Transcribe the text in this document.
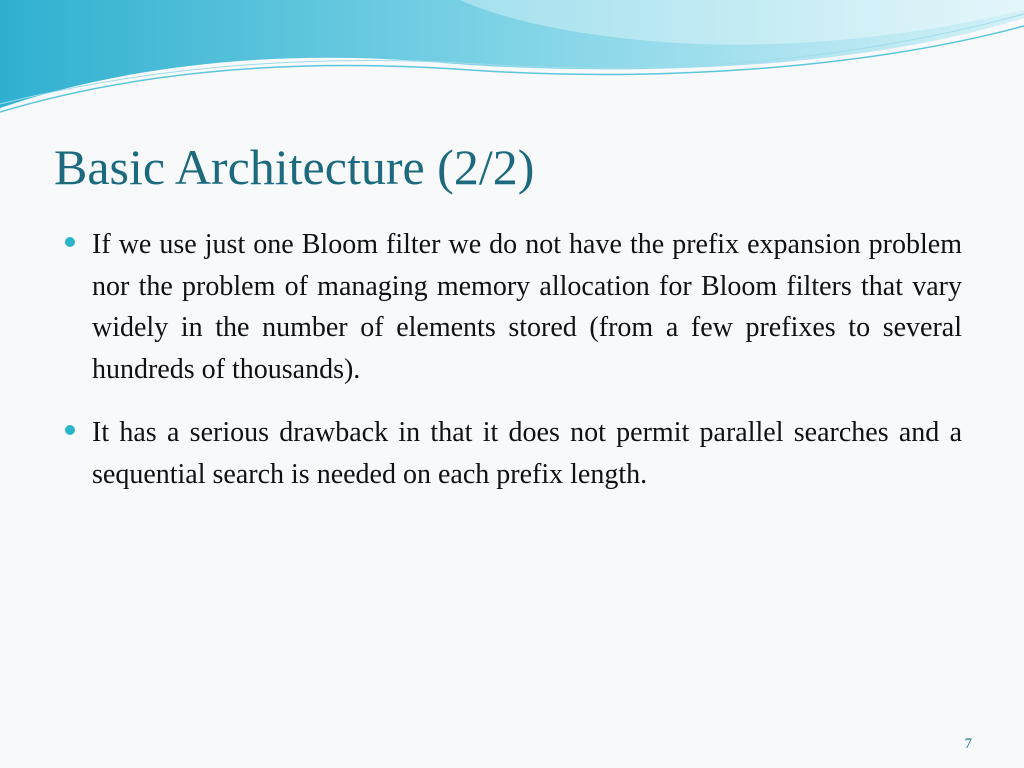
Basic Architecture (2/2)
If we use just one Bloom filter we do not have the prefix expansion problem nor the problem of managing memory allocation for Bloom filters that vary widely in the number of elements stored (from a few prefixes to several hundreds of thousands).
It has a serious drawback in that it does not permit parallel searches and a sequential search is needed on each prefix length.
7
